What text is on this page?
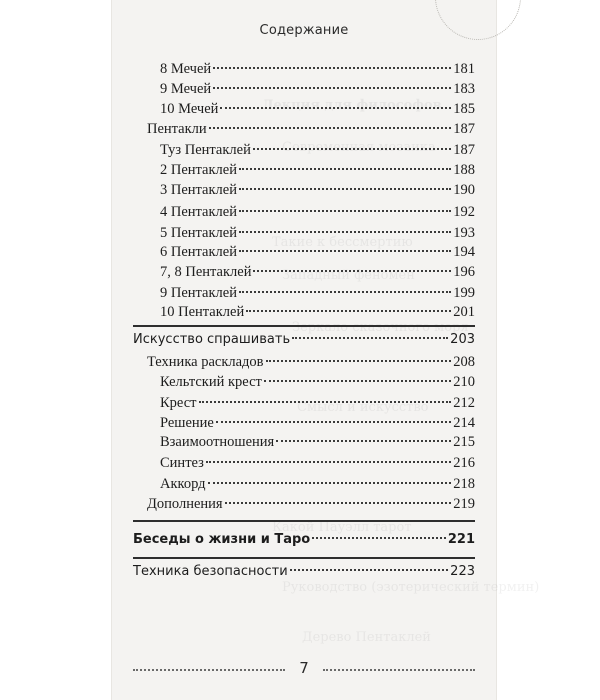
Лекция для философов
Современная мозаика
Такие к бессмертию
Западный феномен
Зеркало сказочного моря
Смысл и искусство
Какой Пауэлл тарот
Руководство (эзотерический термин)
Дерево Пентаклей
Содержание
8 Мечей	181
9 Мечей	183
10 Мечей	185
Пентакли	187
Туз Пентаклей	187
2 Пентаклей	188
3 Пентаклей	190
4 Пентаклей	192
5 Пентаклей	193
6 Пентаклей	194
7, 8 Пентаклей	196
9 Пентаклей	199
10 Пентаклей	201
Искусство спрашивать	203
Техника раскладов	208
Кельтский крест	210
Крест	212
Решение	214
Взаимоотношения	215
Синтез	216
Аккорд	218
Дополнения	219
Беседы о жизни и Таро	221
Техника безопасности	223
7
